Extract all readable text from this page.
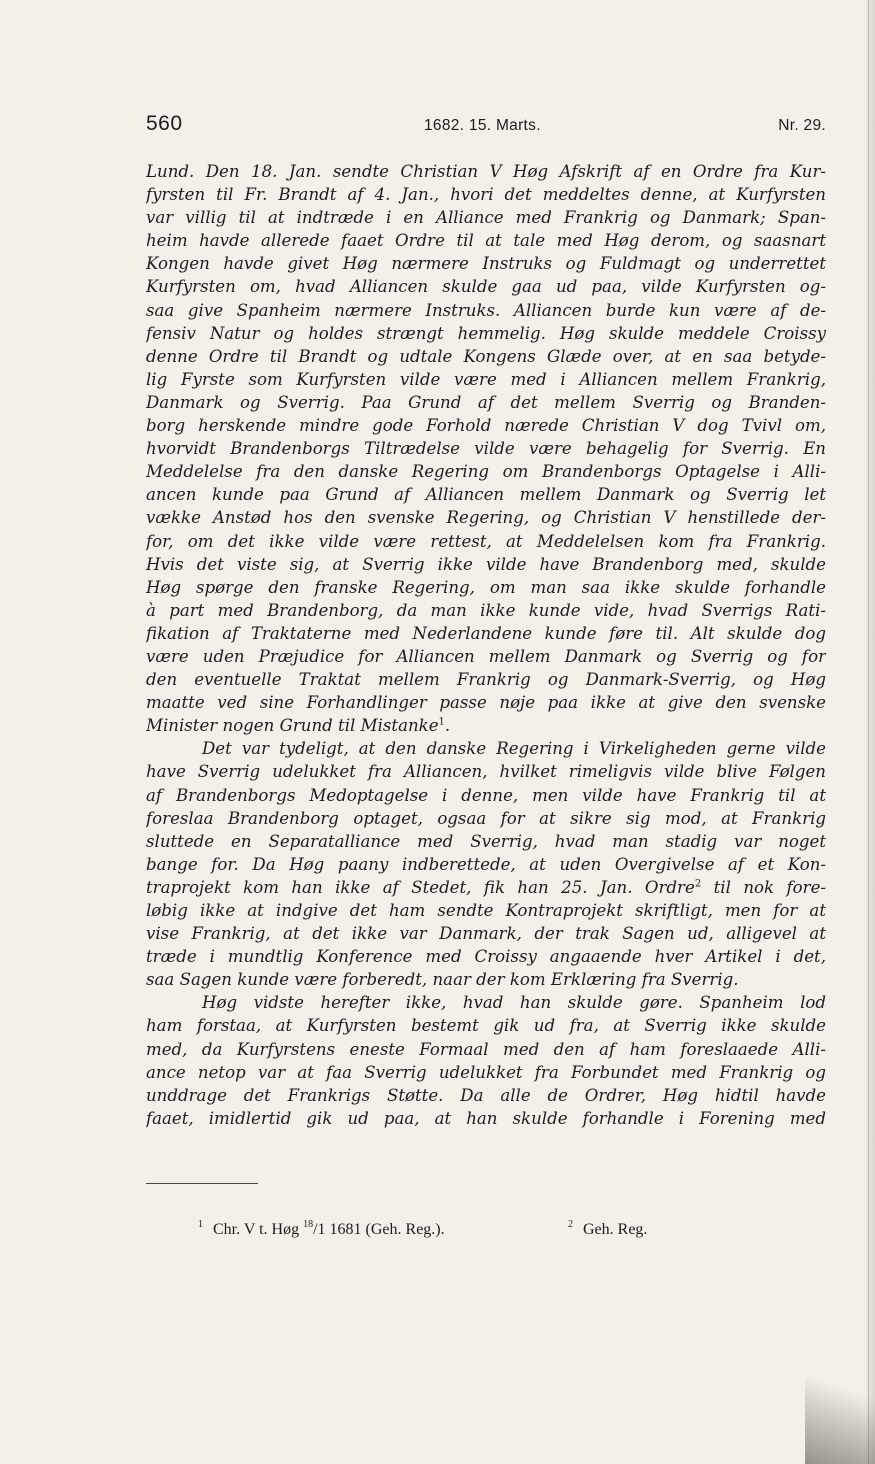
560	1682. 15. Marts.	Nr. 29.
Lund. Den 18. Jan. sendte Christian V Høg Afskrift af en Ordre fra Kur-
fyrsten til Fr. Brandt af 4. Jan., hvori det meddeltes denne, at Kurfyrsten
var villig til at indtræde i en Alliance med Frankrig og Danmark; Span-
heim havde allerede faaet Ordre til at tale med Høg derom, og saasnart
Kongen havde givet Høg nærmere Instruks og Fuldmagt og underrettet
Kurfyrsten om, hvad Alliancen skulde gaa ud paa, vilde Kurfyrsten og-
saa give Spanheim nærmere Instruks. Alliancen burde kun være af de-
fensiv Natur og holdes strængt hemmelig. Høg skulde meddele Croissy
denne Ordre til Brandt og udtale Kongens Glæde over, at en saa betyde-
lig Fyrste som Kurfyrsten vilde være med i Alliancen mellem Frankrig,
Danmark og Sverrig. Paa Grund af det mellem Sverrig og Branden-
borg herskende mindre gode Forhold nærede Christian V dog Tvivl om,
hvorvidt Brandenborgs Tiltrædelse vilde være behagelig for Sverrig. En
Meddelelse fra den danske Regering om Brandenborgs Optagelse i Alli-
ancen kunde paa Grund af Alliancen mellem Danmark og Sverrig let
vække Anstød hos den svenske Regering, og Christian V henstillede der-
for, om det ikke vilde være rettest, at Meddelelsen kom fra Frankrig.
Hvis det viste sig, at Sverrig ikke vilde have Brandenborg med, skulde
Høg spørge den franske Regering, om man saa ikke skulde forhandle
à part med Brandenborg, da man ikke kunde vide, hvad Sverrigs Rati-
fikation af Traktaterne med Nederlandene kunde føre til. Alt skulde dog
være uden Præjudice for Alliancen mellem Danmark og Sverrig og for
den eventuelle Traktat mellem Frankrig og Danmark-Sverrig, og Høg
maatte ved sine Forhandlinger passe nøje paa ikke at give den svenske
Minister nogen Grund til Mistanke$^1$.
Det var tydeligt, at den danske Regering i Virkeligheden gerne vilde
have Sverrig udelukket fra Alliancen, hvilket rimeligvis vilde blive Følgen
af Brandenborgs Medoptagelse i denne, men vilde have Frankrig til at
foreslaa Brandenborg optaget, ogsaa for at sikre sig mod, at Frankrig
sluttede en Separatalliance med Sverrig, hvad man stadig var noget
bange for. Da Høg paany indberettede, at uden Overgivelse af et Kon-
traprojekt kom han ikke af Stedet, fik han 25. Jan. Ordre$^2$ til nok fore-
løbig ikke at indgive det ham sendte Kontraprojekt skriftligt, men for at
vise Frankrig, at det ikke var Danmark, der trak Sagen ud, alligevel at
træde i mundtlig Konference med Croissy angaaende hver Artikel i det,
saa Sagen kunde være forberedt, naar der kom Erklæring fra Sverrig.
Høg vidste herefter ikke, hvad han skulde gøre. Spanheim lod
ham forstaa, at Kurfyrsten bestemt gik ud fra, at Sverrig ikke skulde
med, da Kurfyrstens eneste Formaal med den af ham foreslaaede Alli-
ance netop var at faa Sverrig udelukket fra Forbundet med Frankrig og
unddrage det Frankrigs Støtte. Da alle de Ordrer, Høg hidtil havde
faaet, imidlertid gik ud paa, at han skulde forhandle i Forening med
$^1$ Chr. V t. Høg $^{18}$/1 1681 (Geh. Reg.).	$^2$ Geh. Reg.
